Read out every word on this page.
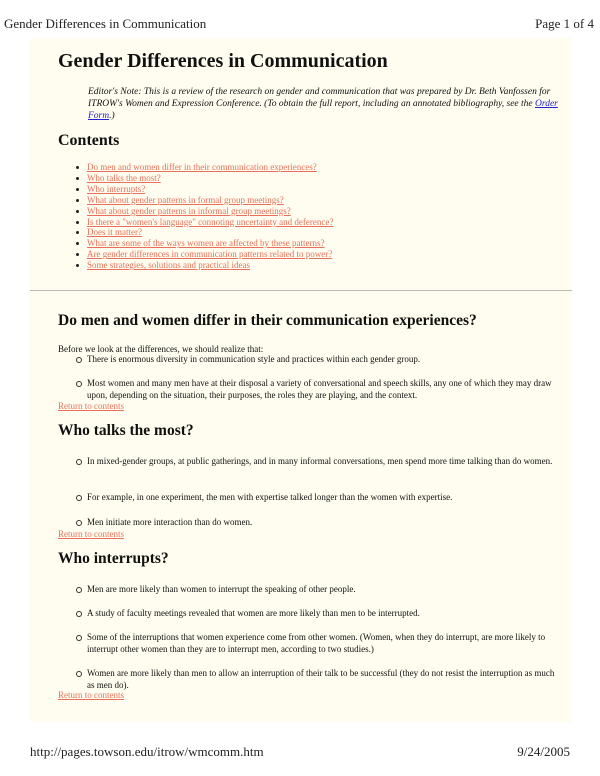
Gender Differences in Communication	Page 1 of 4
Gender Differences in Communication
Editor's Note: This is a review of the research on gender and communication that was prepared by Dr. Beth Vanfossen for ITROW's Women and Expression Conference. (To obtain the full report, including an annotated bibliography, see the Order Form.)
Contents
Do men and women differ in their communication experiences?
Who talks the most?
Who interrupts?
What about gender patterns in formal group meetings?
What about gender patterns in informal group meetings?
Is there a "women's language" connoting uncertainty and deference?
Does it matter?
What are some of the ways women are affected by these patterns?
Are gender differences in communication patterns related to power?
Some strategies, solutions and practical ideas
Do men and women differ in their communication experiences?
Before we look at the differences, we should realize that:
There is enormous diversity in communication style and practices within each gender group.
Most women and many men have at their disposal a variety of conversational and speech skills, any one of which they may draw upon, depending on the situation, their purposes, the roles they are playing, and the context.
Return to contents
Who talks the most?
In mixed-gender groups, at public gatherings, and in many informal conversations, men spend more time talking than do women.
For example, in one experiment, the men with expertise talked longer than the women with expertise.
Men initiate more interaction than do women.
Return to contents
Who interrupts?
Men are more likely than women to interrupt the speaking of other people.
A study of faculty meetings revealed that women are more likely than men to be interrupted.
Some of the interruptions that women experience come from other women. (Women, when they do interrupt, are more likely to interrupt other women than they are to interrupt men, according to two studies.)
Women are more likely than men to allow an interruption of their talk to be successful (they do not resist the interruption as much as men do).
Return to contents
http://pages.towson.edu/itrow/wmcomm.htm	9/24/2005
